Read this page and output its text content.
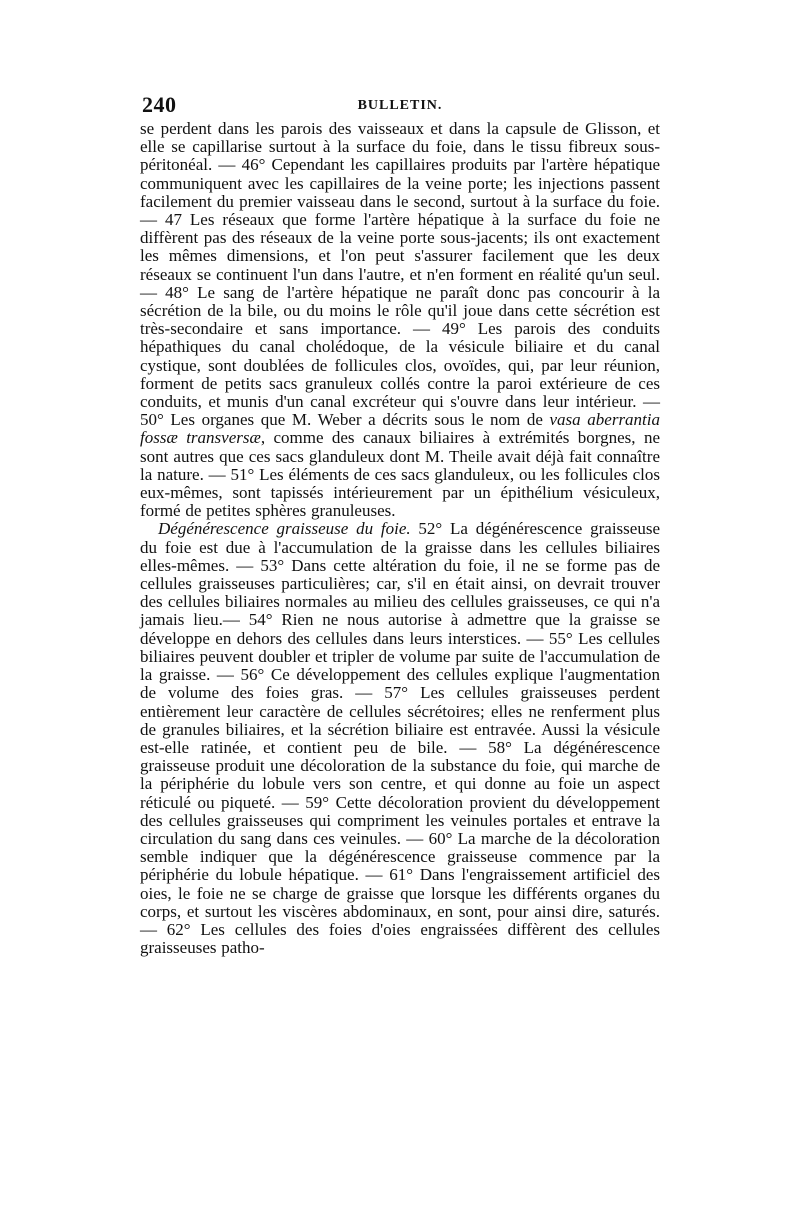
240	BULLETIN.

se perdent dans les parois des vaisseaux et dans la capsule de Glisson, et elle se capillarise surtout à la surface du foie, dans le tissu fibreux sous-péritonéal. — 46° Cependant les capillaires produits par l'artère hépatique communiquent avec les capillaires de la veine porte; les injections passent facilement du premier vaisseau dans le second, surtout à la surface du foie. — 47 Les réseaux que forme l'artère hépatique à la surface du foie ne diffèrent pas des réseaux de la veine porte sous-jacents; ils ont exactement les mêmes dimensions, et l'on peut s'assurer facilement que les deux réseaux se continuent l'un dans l'autre, et n'en forment en réalité qu'un seul. — 48° Le sang de l'artère hépatique ne paraît donc pas concourir à la sécrétion de la bile, ou du moins le rôle qu'il joue dans cette sécrétion est très-secondaire et sans importance. — 49° Les parois des conduits hépathiques du canal cholédoque, de la vésicule biliaire et du canal cystique, sont doublées de follicules clos, ovoïdes, qui, par leur réunion, forment de petits sacs granuleux collés contre la paroi extérieure de ces conduits, et munis d'un canal excréteur qui s'ouvre dans leur intérieur. — 50° Les organes que M. Weber a décrits sous le nom de vasa aberrantia fossæ transversæ, comme des canaux biliaires à extrémités borgnes, ne sont autres que ces sacs glanduleux dont M. Theile avait déjà fait connaître la nature. — 51° Les éléments de ces sacs glanduleux, ou les follicules clos eux-mêmes, sont tapissés intérieurement par un épithélium vésiculeux, formé de petites sphères granuleuses.

Dégénérescence graisseuse du foie. 52° La dégénérescence graisseuse du foie est due à l'accumulation de la graisse dans les cellules biliaires elles-mêmes. — 53° Dans cette altération du foie, il ne se forme pas de cellules graisseuses particulières; car, s'il en était ainsi, on devrait trouver des cellules biliaires normales au milieu des cellules graisseuses, ce qui n'a jamais lieu.— 54° Rien ne nous autorise à admettre que la graisse se développe en dehors des cellules dans leurs interstices. — 55° Les cellules biliaires peuvent doubler et tripler de volume par suite de l'accumulation de la graisse. — 56° Ce développement des cellules explique l'augmentation de volume des foies gras. — 57° Les cellules graisseuses perdent entièrement leur caractère de cellules sécrétoires; elles ne renferment plus de granules biliaires, et la sécrétion biliaire est entravée. Aussi la vésicule est-elle ratinée, et contient peu de bile. — 58° La dégénérescence graisseuse produit une décoloration de la substance du foie, qui marche de la périphérie du lobule vers son centre, et qui donne au foie un aspect réticulé ou piqueté. — 59° Cette décoloration provient du développement des cellules graisseuses qui compriment les veinules portales et entrave la circulation du sang dans ces veinules. — 60° La marche de la décoloration semble indiquer que la dégénérescence graisseuse commence par la périphérie du lobule hépatique. — 61° Dans l'engraissement artificiel des oies, le foie ne se charge de graisse que lorsque les différents organes du corps, et surtout les viscères abdominaux, en sont, pour ainsi dire, saturés. — 62° Les cellules des foies d'oies engraissées diffèrent des cellules graisseuses patho-
